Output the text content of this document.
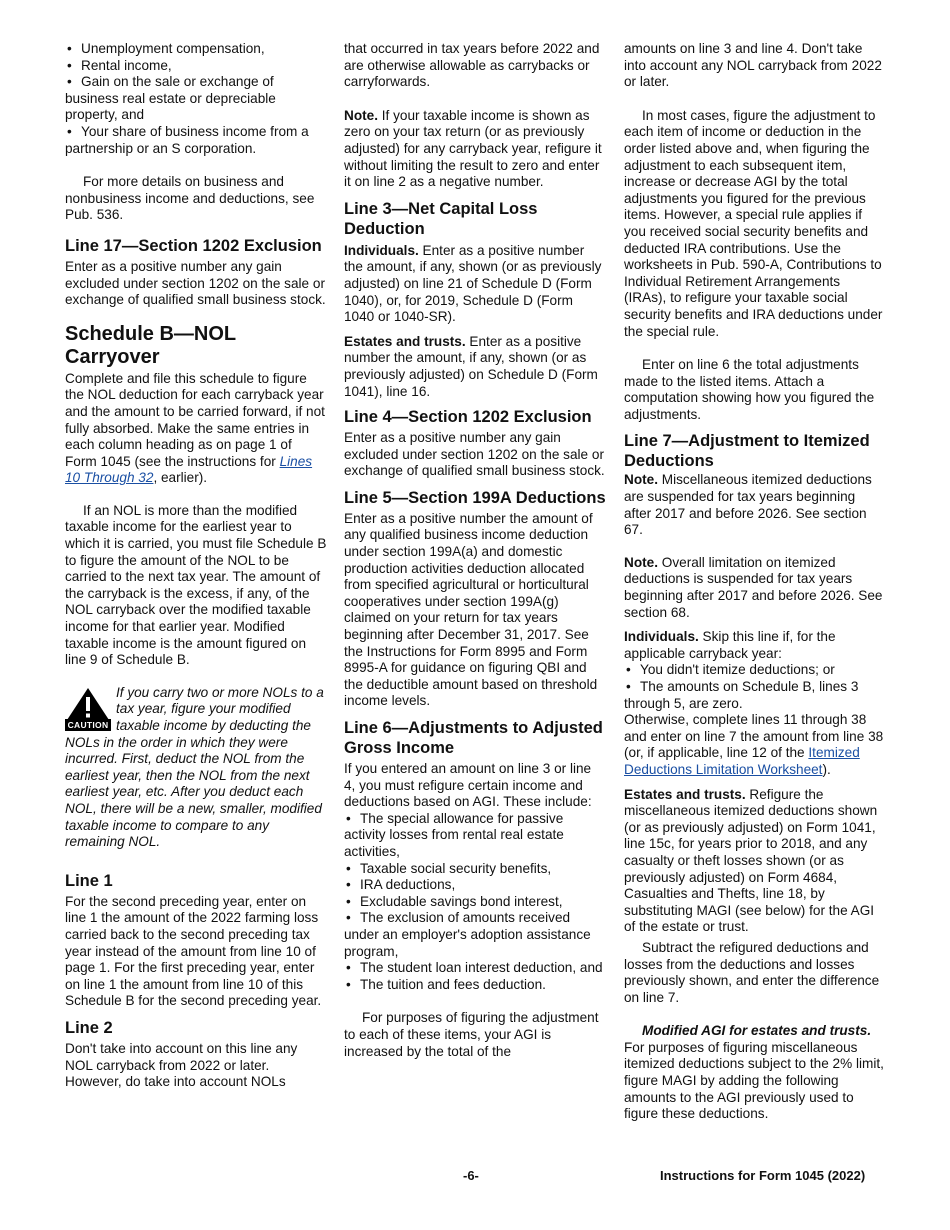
• Unemployment compensation,

• Rental income,

• Gain on the sale or exchange of business real estate or depreciable property, and

• Your share of business income from a partnership or an S corporation.

For more details on business and nonbusiness income and deductions, see Pub. 536.

Line 17—Section 1202 Exclusion

Enter as a positive number any gain excluded under section 1202 on the sale or exchange of qualified small business stock.

Schedule B—NOL Carryover

Complete and file this schedule to figure the NOL deduction for each carryback year and the amount to be carried forward, if not fully absorbed. Make the same entries in each column heading as on page 1 of Form 1045 (see the instructions for Lines 10 Through 32, earlier).

If an NOL is more than the modified taxable income for the earliest year to which it is carried, you must file Schedule B to figure the amount of the NOL to be carried to the next tax year. The amount of the carryback is the excess, if any, of the NOL carryback over the modified taxable income for that earlier year. Modified taxable income is the amount figured on line 9 of Schedule B.

CAUTION
If you carry two or more NOLs to a tax year, figure your modified taxable income by deducting the NOLs in the order in which they were incurred. First, deduct the NOL from the earliest year, then the NOL from the next earliest year, etc. After you deduct each NOL, there will be a new, smaller, modified taxable income to compare to any remaining NOL.
Line 1

For the second preceding year, enter on line 1 the amount of the 2022 farming loss carried back to the second preceding tax year instead of the amount from line 10 of page 1. For the first preceding year, enter on line 1 the amount from line 10 of this Schedule B for the second preceding year.

Line 2

Don't take into account on this line any NOL carryback from 2022 or later. However, do take into account NOLs

that occurred in tax years before 2022 and are otherwise allowable as carrybacks or carryforwards.

Note. If your taxable income is shown as zero on your tax return (or as previously adjusted) for any carryback year, refigure it without limiting the result to zero and enter it on line 2 as a negative number.

Line 3—Net Capital Loss Deduction

Individuals. Enter as a positive number the amount, if any, shown (or as previously adjusted) on line 21 of Schedule D (Form 1040), or, for 2019, Schedule D (Form 1040 or 1040-SR).

Estates and trusts. Enter as a positive number the amount, if any, shown (or as previously adjusted) on Schedule D (Form 1041), line 16.

Line 4—Section 1202 Exclusion

Enter as a positive number any gain excluded under section 1202 on the sale or exchange of qualified small business stock.

Line 5—Section 199A Deductions

Enter as a positive number the amount of any qualified business income deduction under section 199A(a) and domestic production activities deduction allocated from specified agricultural or horticultural cooperatives under section 199A(g) claimed on your return for tax years beginning after December 31, 2017. See the Instructions for Form 8995 and Form 8995-A for guidance on figuring QBI and the deductible amount based on threshold income levels.

Line 6—Adjustments to Adjusted Gross Income

If you entered an amount on line 3 or line 4, you must refigure certain income and deductions based on AGI. These include:

• The special allowance for passive activity losses from rental real estate activities,

• Taxable social security benefits,

• IRA deductions,

• Excludable savings bond interest,

• The exclusion of amounts received under an employer's adoption assistance program,

• The student loan interest deduction, and

• The tuition and fees deduction.

For purposes of figuring the adjustment to each of these items, your AGI is increased by the total of the

amounts on line 3 and line 4. Don't take into account any NOL carryback from 2022 or later.

In most cases, figure the adjustment to each item of income or deduction in the order listed above and, when figuring the adjustment to each subsequent item, increase or decrease AGI by the total adjustments you figured for the previous items. However, a special rule applies if you received social security benefits and deducted IRA contributions. Use the worksheets in Pub. 590-A, Contributions to Individual Retirement Arrangements (IRAs), to refigure your taxable social security benefits and IRA deductions under the special rule.

Enter on line 6 the total adjustments made to the listed items. Attach a computation showing how you figured the adjustments.

Line 7—Adjustment to Itemized Deductions

Note. Miscellaneous itemized deductions are suspended for tax years beginning after 2017 and before 2026. See section 67.

Note. Overall limitation on itemized deductions is suspended for tax years beginning after 2017 and before 2026. See section 68.

Individuals. Skip this line if, for the applicable carryback year:

• You didn't itemize deductions; or

• The amounts on Schedule B, lines 3 through 5, are zero.

Otherwise, complete lines 11 through 38 and enter on line 7 the amount from line 38 (or, if applicable, line 12 of the Itemized Deductions Limitation Worksheet).

Estates and trusts. Refigure the miscellaneous itemized deductions shown (or as previously adjusted) on Form 1041, line 15c, for years prior to 2018, and any casualty or theft losses shown (or as previously adjusted) on Form 4684, Casualties and Thefts, line 18, by substituting MAGI (see below) for the AGI of the estate or trust.

Subtract the refigured deductions and losses from the deductions and losses previously shown, and enter the difference on line 7.

Modified AGI for estates and trusts. For purposes of figuring miscellaneous itemized deductions subject to the 2% limit, figure MAGI by adding the following amounts to the AGI previously used to figure these deductions.

-6-	Instructions for Form 1045 (2022)
